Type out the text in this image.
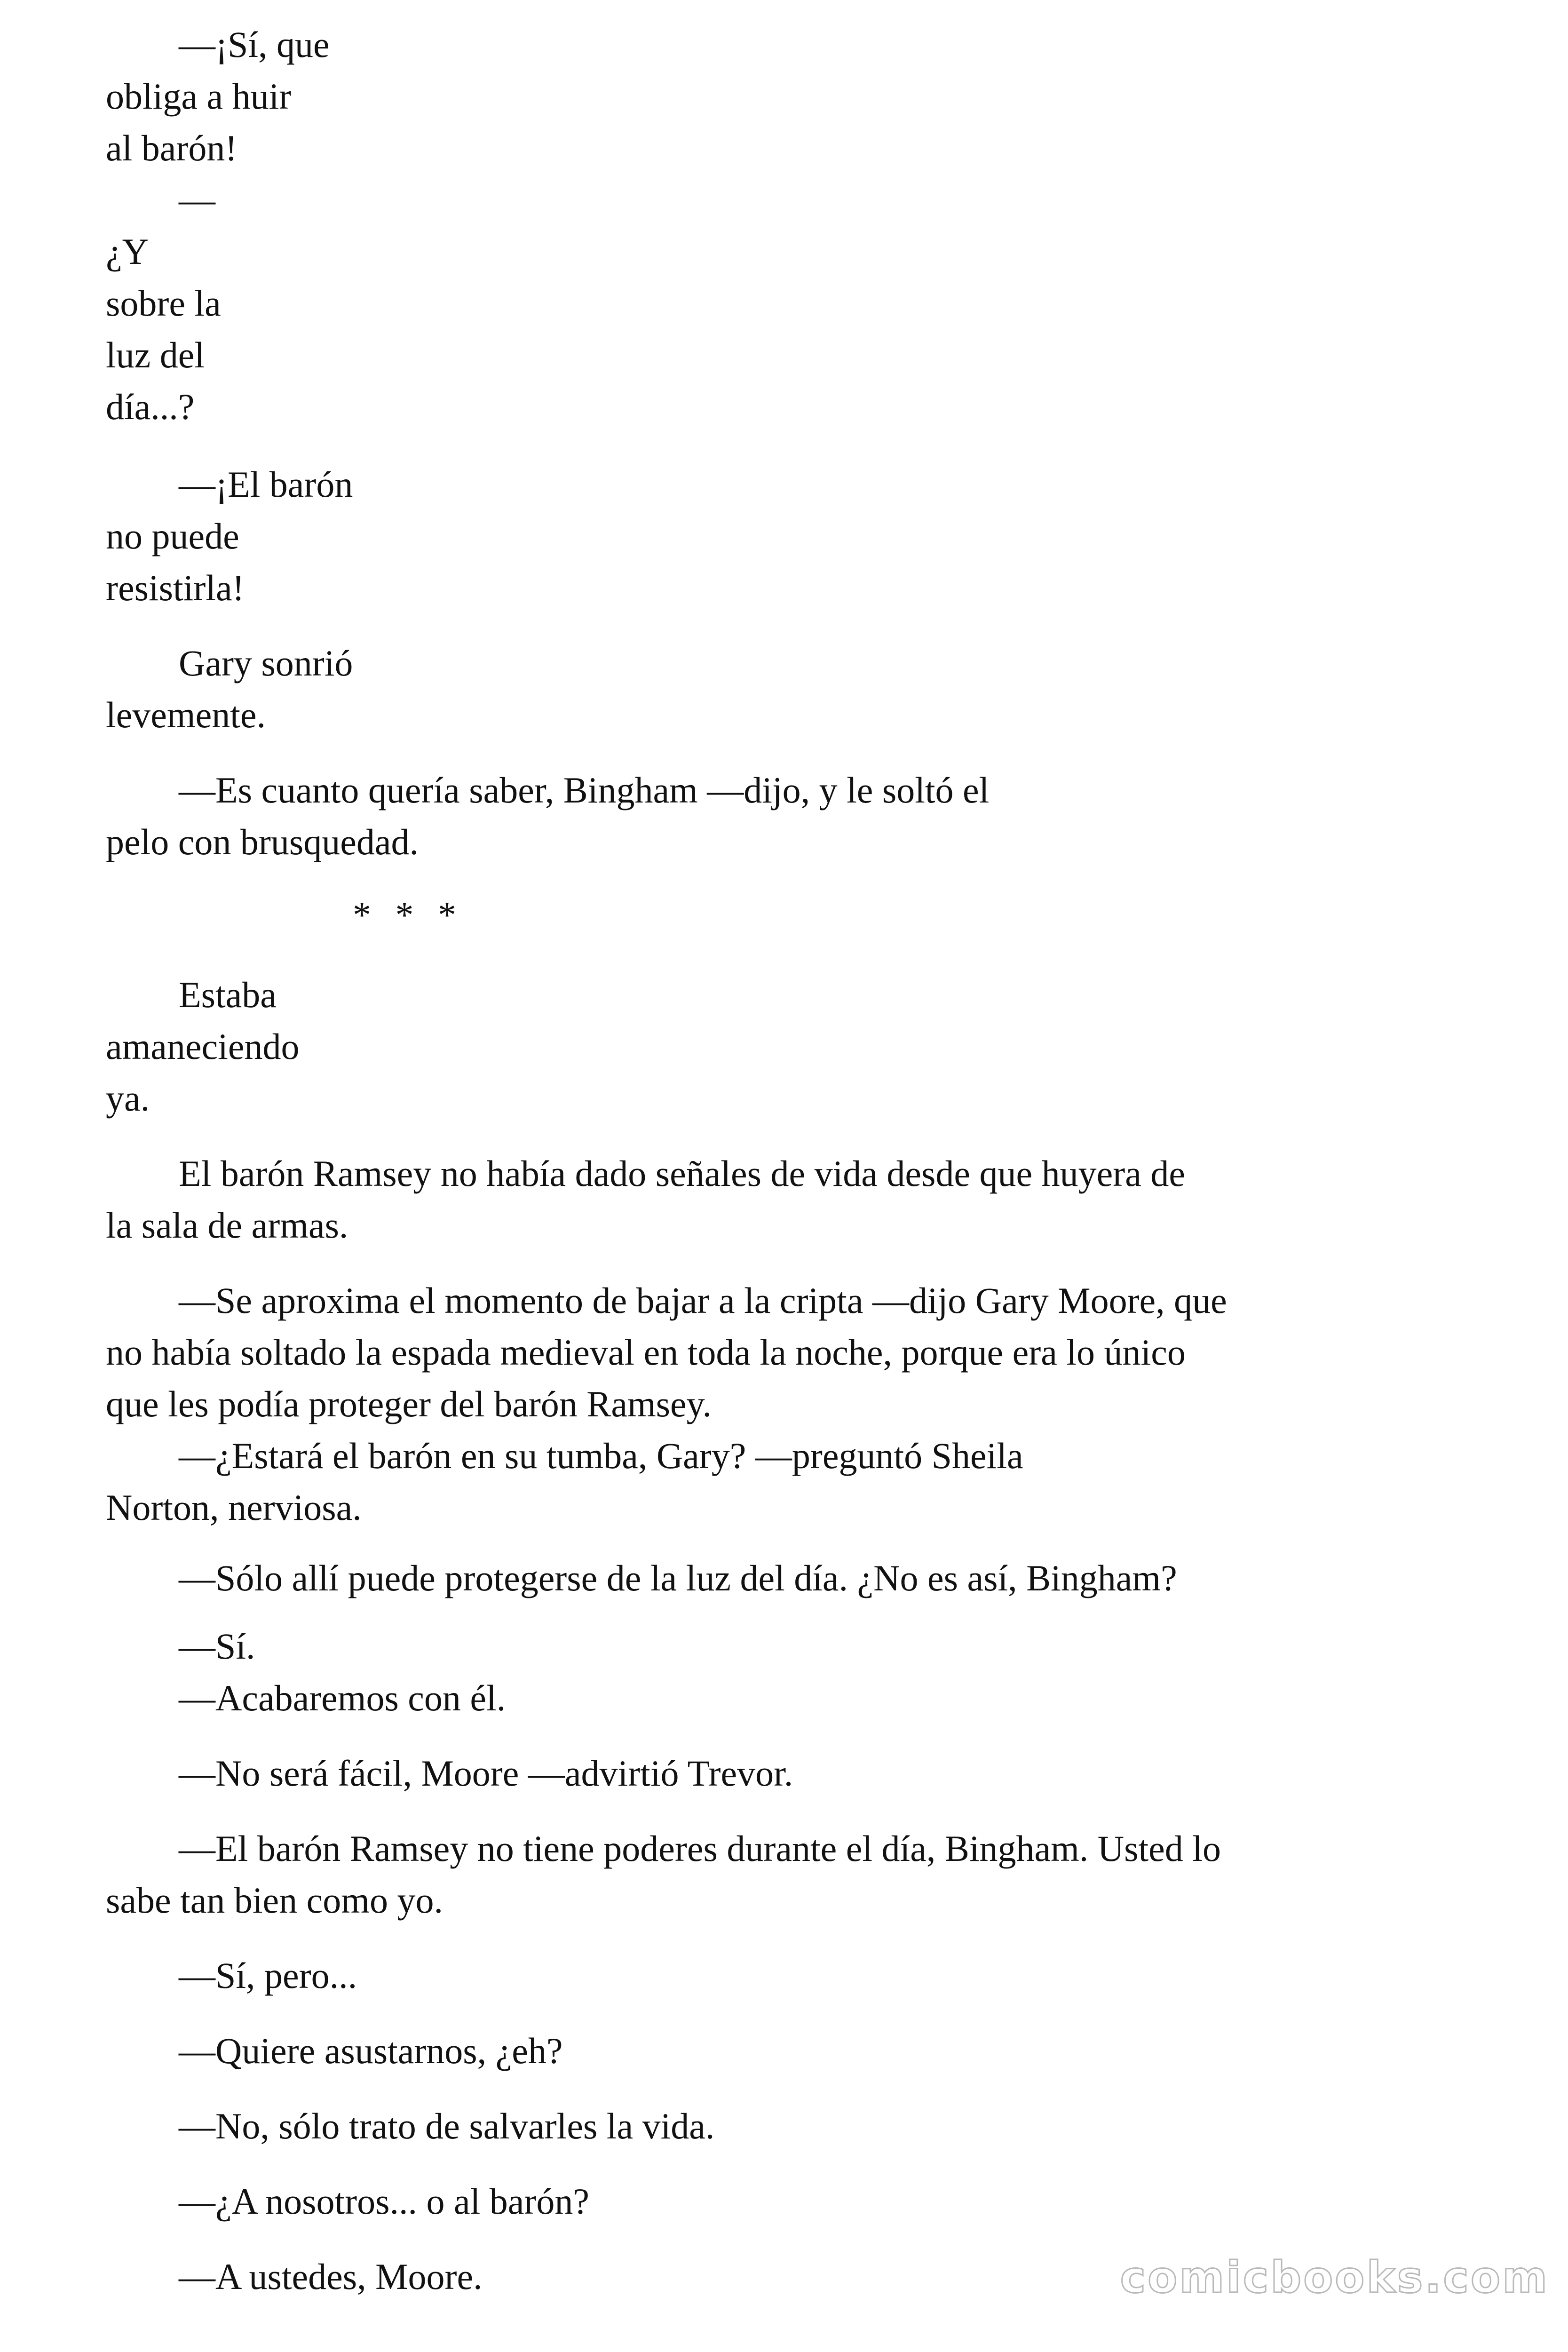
—¡Sí, que
obliga a huir
al barón!
—
¿Y
sobre la
luz del
día...?
—¡El barón
no puede
resistirla!
Gary sonrió
levemente.
—Es cuanto quería saber, Bingham —dijo, y le soltó el
pelo con brusquedad.
* * *
Estaba
amaneciendo
ya.
El barón Ramsey no había dado señales de vida desde que huyera de
la sala de armas.
—Se aproxima el momento de bajar a la cripta —dijo Gary Moore, que
no había soltado la espada medieval en toda la noche, porque era lo único
que les podía proteger del barón Ramsey.
—¿Estará el barón en su tumba, Gary? —preguntó Sheila
Norton, nerviosa.
—Sólo allí puede protegerse de la luz del día. ¿No es así, Bingham?
—Sí.
—Acabaremos con él.
—No será fácil, Moore —advirtió Trevor.
—El barón Ramsey no tiene poderes durante el día, Bingham. Usted lo
sabe tan bien como yo.
—Sí, pero...
—Quiere asustarnos, ¿eh?
—No, sólo trato de salvarles la vida.
—¿A nosotros... o al barón?
—A ustedes, Moore.	comicbooks.com
